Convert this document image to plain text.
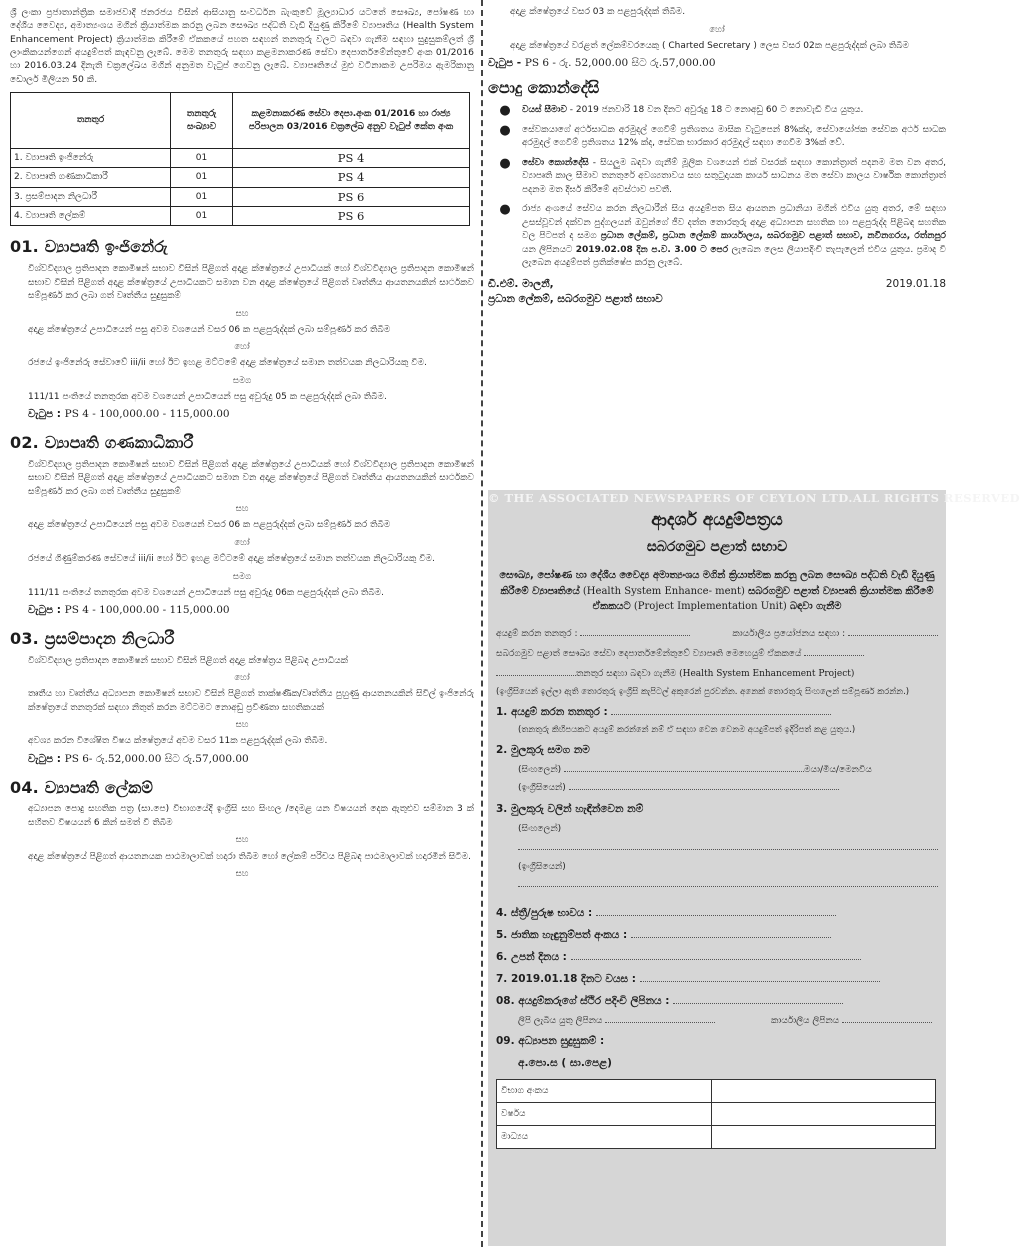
ශ්‍රී ලංකා ප්‍රජාතාන්ත්‍රික සමාජවාදී ජනරජය විසින් ආසියානු සංවර්ධන බැංකුවේ මූල්‍යාධාර යටතේ සෞඛ්‍ය, පෝෂණ හා දේශීය වෛද්‍ය, අමාත්‍යංශය මගින් ක්‍රියාත්මක කරනු ලබන සෞඛ්‍ය පද්ධති වැඩි දියුණු කිරීමේ ව්‍යාපෘතිය (Health System Enhancement Project) ක්‍රියාත්මක කිරීමේ ඒකකයේ පහත සඳහන් තනතුරු වලට බඳවා ගැනීම සඳහා සුදුසුකම්ලත් ශ්‍රී ලාංකිකයන්ගෙන් අයදුම්පත් කැඳවනු ලැබේ. මෙම තනතුරු සඳහා කළමනාකරණ සේවා දෙපාර්තමේන්තුවේ අංක 01/2016 හා 2016.03.24 දිනැති චක්‍රලේඛය මගින් අනුමත වැටුප් ගෙවනු ලැබේ. ව්‍යාපෘතියේ මුළු වටිනාකම උපරිමය ඇමරිකානු ඩොලර් මිලියන 50 කි.

තනතුර	තනතුරු සංඛ්‍යාව	කළමනාකරණ සේවා දෙපා.අංක 01/2016 හා රාජ්‍ය පරිපාලන 03/2016 චක්‍රලේඛ අනුව වැටුප් කේත අංක
1. ව්‍යාපෘති ඉංජිනේරු	01	PS 4
2. ව්‍යාපෘති ගණකාධිකාරී	01	PS 4
3. ප්‍රසම්පාදන නිලධාරී	01	PS 6
4. ව්‍යාපෘති ලේකම්	01	PS 6
01. ව්‍යාපෘති ඉංජිනේරු

විශ්වවිද්‍යාල ප්‍රතිපාදන කොමිෂන් සභාව විසින් පිළිගත් අදාළ ක්ෂේත්‍රයේ උපාධියක් හෝ විශ්වවිද්‍යාල ප්‍රතිපාදන කොමිෂන් සභාව විසින් පිළිගත් අදාළ ක්ෂේත්‍රයේ උපාධියකට සමාන වන අදාළ ක්ෂේත්‍රයේ පිළිගත් වෘත්තීය ආයතනයකින් සාර්ථකව සම්පූර්ණ කර ලබා ගත් වෘත්තීය සුදුසුකම්

සහ

අදාළ ක්ෂේත්‍රයේ උපාධියෙන් පසු අවම වශයෙන් වසර 06 ක පළපුරුද්දක් ලබා සම්පූර්ණ කර තිබීම

හෝ

රජයේ ඉංජිනේරු සේවාවේ iii/ii හෝ ඊට ඉහළ මට්ටමේ අදාළ ක්ෂේත්‍රයේ සමාන තත්වයක නිලධාරියකු වීම.

සමග

111/11 පංතියේ තනතුරක අවම වශයෙන් උපාධියෙන් පසු අවුරුදු 05 ක පළපුරුද්දක් ලබා තිබීම.

වැටුප : PS 4 - 100,000.00 - 115,000.00

02. ව්‍යාපෘති ගණකාධිකාරී

විශ්වවිද්‍යාල ප්‍රතිපාදන කොමිෂන් සභාව විසින් පිළිගත් අදාළ ක්ෂේත්‍රයේ උපාධියක් හෝ විශ්වවිද්‍යාල ප්‍රතිපාදන කොමිෂන් සභාව විසින් පිළිගත් අදාළ ක්ෂේත්‍රයේ උපාධියකට සමාන වන අදාළ ක්ෂේත්‍රයේ පිළිගත් වෘත්තීය ආයතනයකින් සාර්ථකව සම්පූර්ණ කර ලබා ගත් වෘත්තීය සුදුසුකම්

සහ

අදාළ ක්ෂේත්‍රයේ උපාධියෙන් පසු අවම වශයෙන් වසර 06 ක පළපුරුද්දක් ලබා සම්පූර්ණ කර තිබීම

හෝ

රජයේ ගිණුම්කරණ සේවයේ iii/ii හෝ ඊට ඉහළ මට්ටමේ අදාළ ක්ෂේත්‍රයේ සමාන තත්වයක නිලධාරියකු වීම.

සමග

111/11 පංතියේ තනතුරක අවම වශයෙන් උපාධියෙන් පසු අවුරුදු 06ක පළපුරුද්දක් ලබා තිබීම.

වැටුප : PS 4 - 100,000.00 - 115,000.00

03. ප්‍රසම්පාදන නිලධාරී

විශ්වවිද්‍යාල ප්‍රතිපාදන කොමිෂන් සභාව විසින් පිළිගත් අදාළ ක්ෂේත්‍රය පිළිබඳ උපාධියක්

හෝ

තෘතීය හා වෘත්තීය අධ්‍යාපන කොමිෂන් සභාව විසින් පිළිගත් තාක්ෂණික/වෘත්තීය පුහුණු ආයතනයකින් සිවිල් ඉංජිනේරු ක්ෂේත්‍රයේ තනතුරක් සඳහා නිතුත් කරන මට්ටමට නොඅඩු ප්‍රවීණතා සහතිකයක්

සහ

අවශ්‍ය කරන විශේෂිත විෂය ක්ෂේත්‍රයේ අවම වසර 11ක පළපුරුද්දක් ලබා තිබීම.

වැටුප : PS 6- රු.52,000.00 සිට රු.57,000.00

04. ව්‍යාපෘති ලේකම්

අධ්‍යාපන පොදු සහතික පත්‍ර (සා.පෙ) විභාගයේදී ඉංග්‍රීසි සහ සිංහල /දෙමළ යන විෂයයන් දෙක ඇතුළුව සම්මාන 3 ක් සහිතව විෂයයන් 6 කින් සමත් වී තිබීම

සහ

අදාළ ක්ෂේත්‍රයේ පිළිගත් ආයතනයක පාඨමාලාවක් හදාරා තිබීම හෝ ලේකම් පරිචය පිළිබඳ පාඨමාලාවක් හදාරමින් සිටීම.

සහ

අදාළ ක්ෂේත්‍රයේ වසර 03 ක පළපුරුද්දක් තිබීම.

හෝ

අදාළ ක්ෂේත්‍රයේ වරළත් ලේකම්වරයෙකු ( Charted Secretary ) ලෙස වසර 02ක පළපුරුද්දක් ලබා තිබීම

වැටුප - PS 6 - රු. 52,000.00 සිට රු.57,000.00

පොදු කොන්දේසි
●	වයස් සීමාව - 2019 ජනවාරි 18 වන දිනට අවුරුදු 18 ට නොඅඩු 60 ට නොවැඩි විය යුතුය.
●	සේවකයාගේ අර්ථසාධක අරමුදල් ගෙවීම් ප්‍රතිශතය මාසික වැටුපෙන් 8%ක්ද, සේවායෝජක සේවක අර්ථ සාධක අරමුදල් ගෙවීම් ප්‍රතිශතය 12% ක්ද, සේවක භාරකාර අරමුදල් සඳහා ගෙවීම 3%ක් වේ.
●	සේවා කොන්දේසි - සියලුම බඳවා ගැනීම් මූලික වශයෙන් එක් වසරක් සඳහා කොන්ත්‍රාත් පදනම මත වන අතර, ව්‍යාපෘති කාල සීමාව තනතුරේ අවශ්‍යතාවය සහ සතුටුදායක කාර්ය සාධනය මත සේවා කාලය වාර්ෂික කොන්ත්‍රාත් පදනම මත දීර්ඝ කිරීමේ අවස්ථාව පවතී.
●	රාජ්‍ය අංශයේ සේවය කරන නිලධාරීන් සිය අයදුම්පත සිය ආයතන ප්‍රධානියා මගින් එවිය යුතු අතර, මේ සඳහා උසස්වූවන් දක්වන පුද්ගලයන් ඔවුන්ගේ ජීව දත්ත තොරතුරු අදාළ අධ්‍යාපන සහතික හා පළපුරුද්ද පිළිබඳ සහතික වල පිටපත් ද සමග ප්‍රධාන ලේකම්, ප්‍රධාන ලේකම් කාර්යාලය, සබරගමුව පළාත් සභාව, නවිනගරය, රත්නපුර යන ලිපිනයට 2019.02.08 දින ප.ව. 3.00 ට පෙර ලැබෙන ලෙස ලියාපදිංචි තැපැලෙන් එවිය යුතුය. ප්‍රමාද වී ලැබෙන අයදුම්පත් ප්‍රතික්ෂේප කරනු ලැබේ.
ඩී.එම්. මාලනී,	2019.01.18
ප්‍රධාන ලේකම්, සබරගමුව පළාත් සභාව
ආදර්ශ අයදුම්පත්‍රය
සබරගමුව පළාත් සභාව
සෞඛ්‍ය, පෝෂණ හා දේශීය වෛද්‍ය අමාත්‍යංශය මගින් ක්‍රියාත්මක කරනු ලබන සෞඛ්‍ය පද්ධති වැඩි දියුණු කිරීමේ ව්‍යාපෘතියේ (Health System Enhance- ment) සබරගමුව පළාත් ව්‍යාපෘති ක්‍රියාත්මක කිරීමේ ඒකකයට (Project Implementation Unit) බඳවා ගැනීම
අයදුම් කරන තනතුර :	කාර්යාලීය ප්‍රයෝජනය සඳහා :
සබරගමුව පළාත් සෞඛ්‍ය සේවා දෙපාර්තමේන්තුවේ ව්‍යාපෘති මෙහෙයුම් ඒකකයේ
තනතුර සඳහා බඳවා ගැනීම (Health System Enhancement Project)
(ඉංග්‍රීසියෙන් ඉල්ලා ඇති තොරතුරු ඉංග්‍රීසි කැපිටල් අකුරෙන් පුරවන්න. අනෙක් තොරතුරු සිංහලෙන් සම්පූර්ණ කරන්න.)
1. අයදුම් කරන තනතුර :
(තනතුරු කිහිපයකට අයදුම් කරන්නේ නම් ඒ සඳහා වෙන වෙනම අයදුම්පත් ඉදිරිපත් කළ යුතුය.)
2. මුලකුරු සමග නම
(සිංහලෙන්)	මයා/මිය/මෙනවිය
(ඉංග්‍රීසියෙන්)
3. මුලකුරු වලින් හැඳින්වෙන නම්
(සිංහලෙන්)
(ඉංග්‍රීසියෙන්)
4. ස්ත්‍රී/පුරුෂ භාවය :
5. ජාතික හැඳුනුම්පත් අංකය :
6. උපන් දිනය :
7. 2019.01.18 දිනට වයස :
08. අයදුම්කරුගේ ස්ථිර පදිංචි ලිපිනය :
ලිපි ලැබිය යුතු ලිපිනය	කාර්යාලීය ලිපිනය
09. අධ්‍යාපන සුදුසුකම් :
අ.පො.ස ( සා.පෙළ)
විභාග අංකය	
වර්ෂය	
මාධ්‍යය	
© THE ASSOCIATED NEWSPAPERS OF CEYLON LTD.ALL RIGHTS RESERVED
